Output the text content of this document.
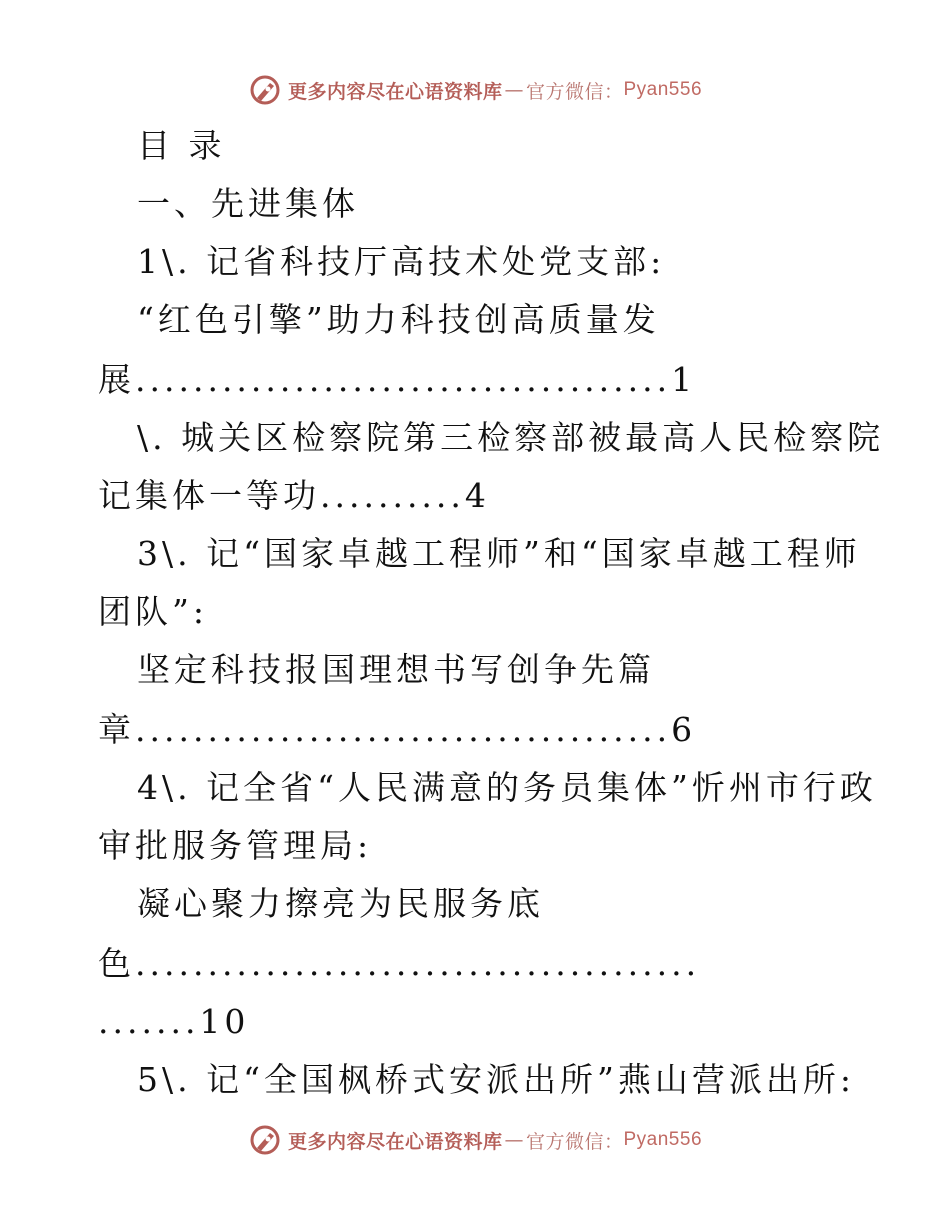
更多内容尽在心语资料库 — 官方微信： Pyan556
目 录
一、先进集体
1\. 记省科技厅高技术处党支部:
“红色引擎”助力科技创高质量发
展.....................................1
\. 城关区检察院第三检察部被最高人民检察院
记集体一等功..........4
3\. 记“国家卓越工程师”和“国家卓越工程师
团队”:
坚定科技报国理想书写创争先篇
章.....................................6
4\. 记全省“人民满意的务员集体”忻州市行政
审批服务管理局:
凝心聚力擦亮为民服务底
色.......................................
.......10
5\. 记“全国枫桥式安派出所”燕山营派出所:
更多内容尽在心语资料库 — 官方微信： Pyan556
